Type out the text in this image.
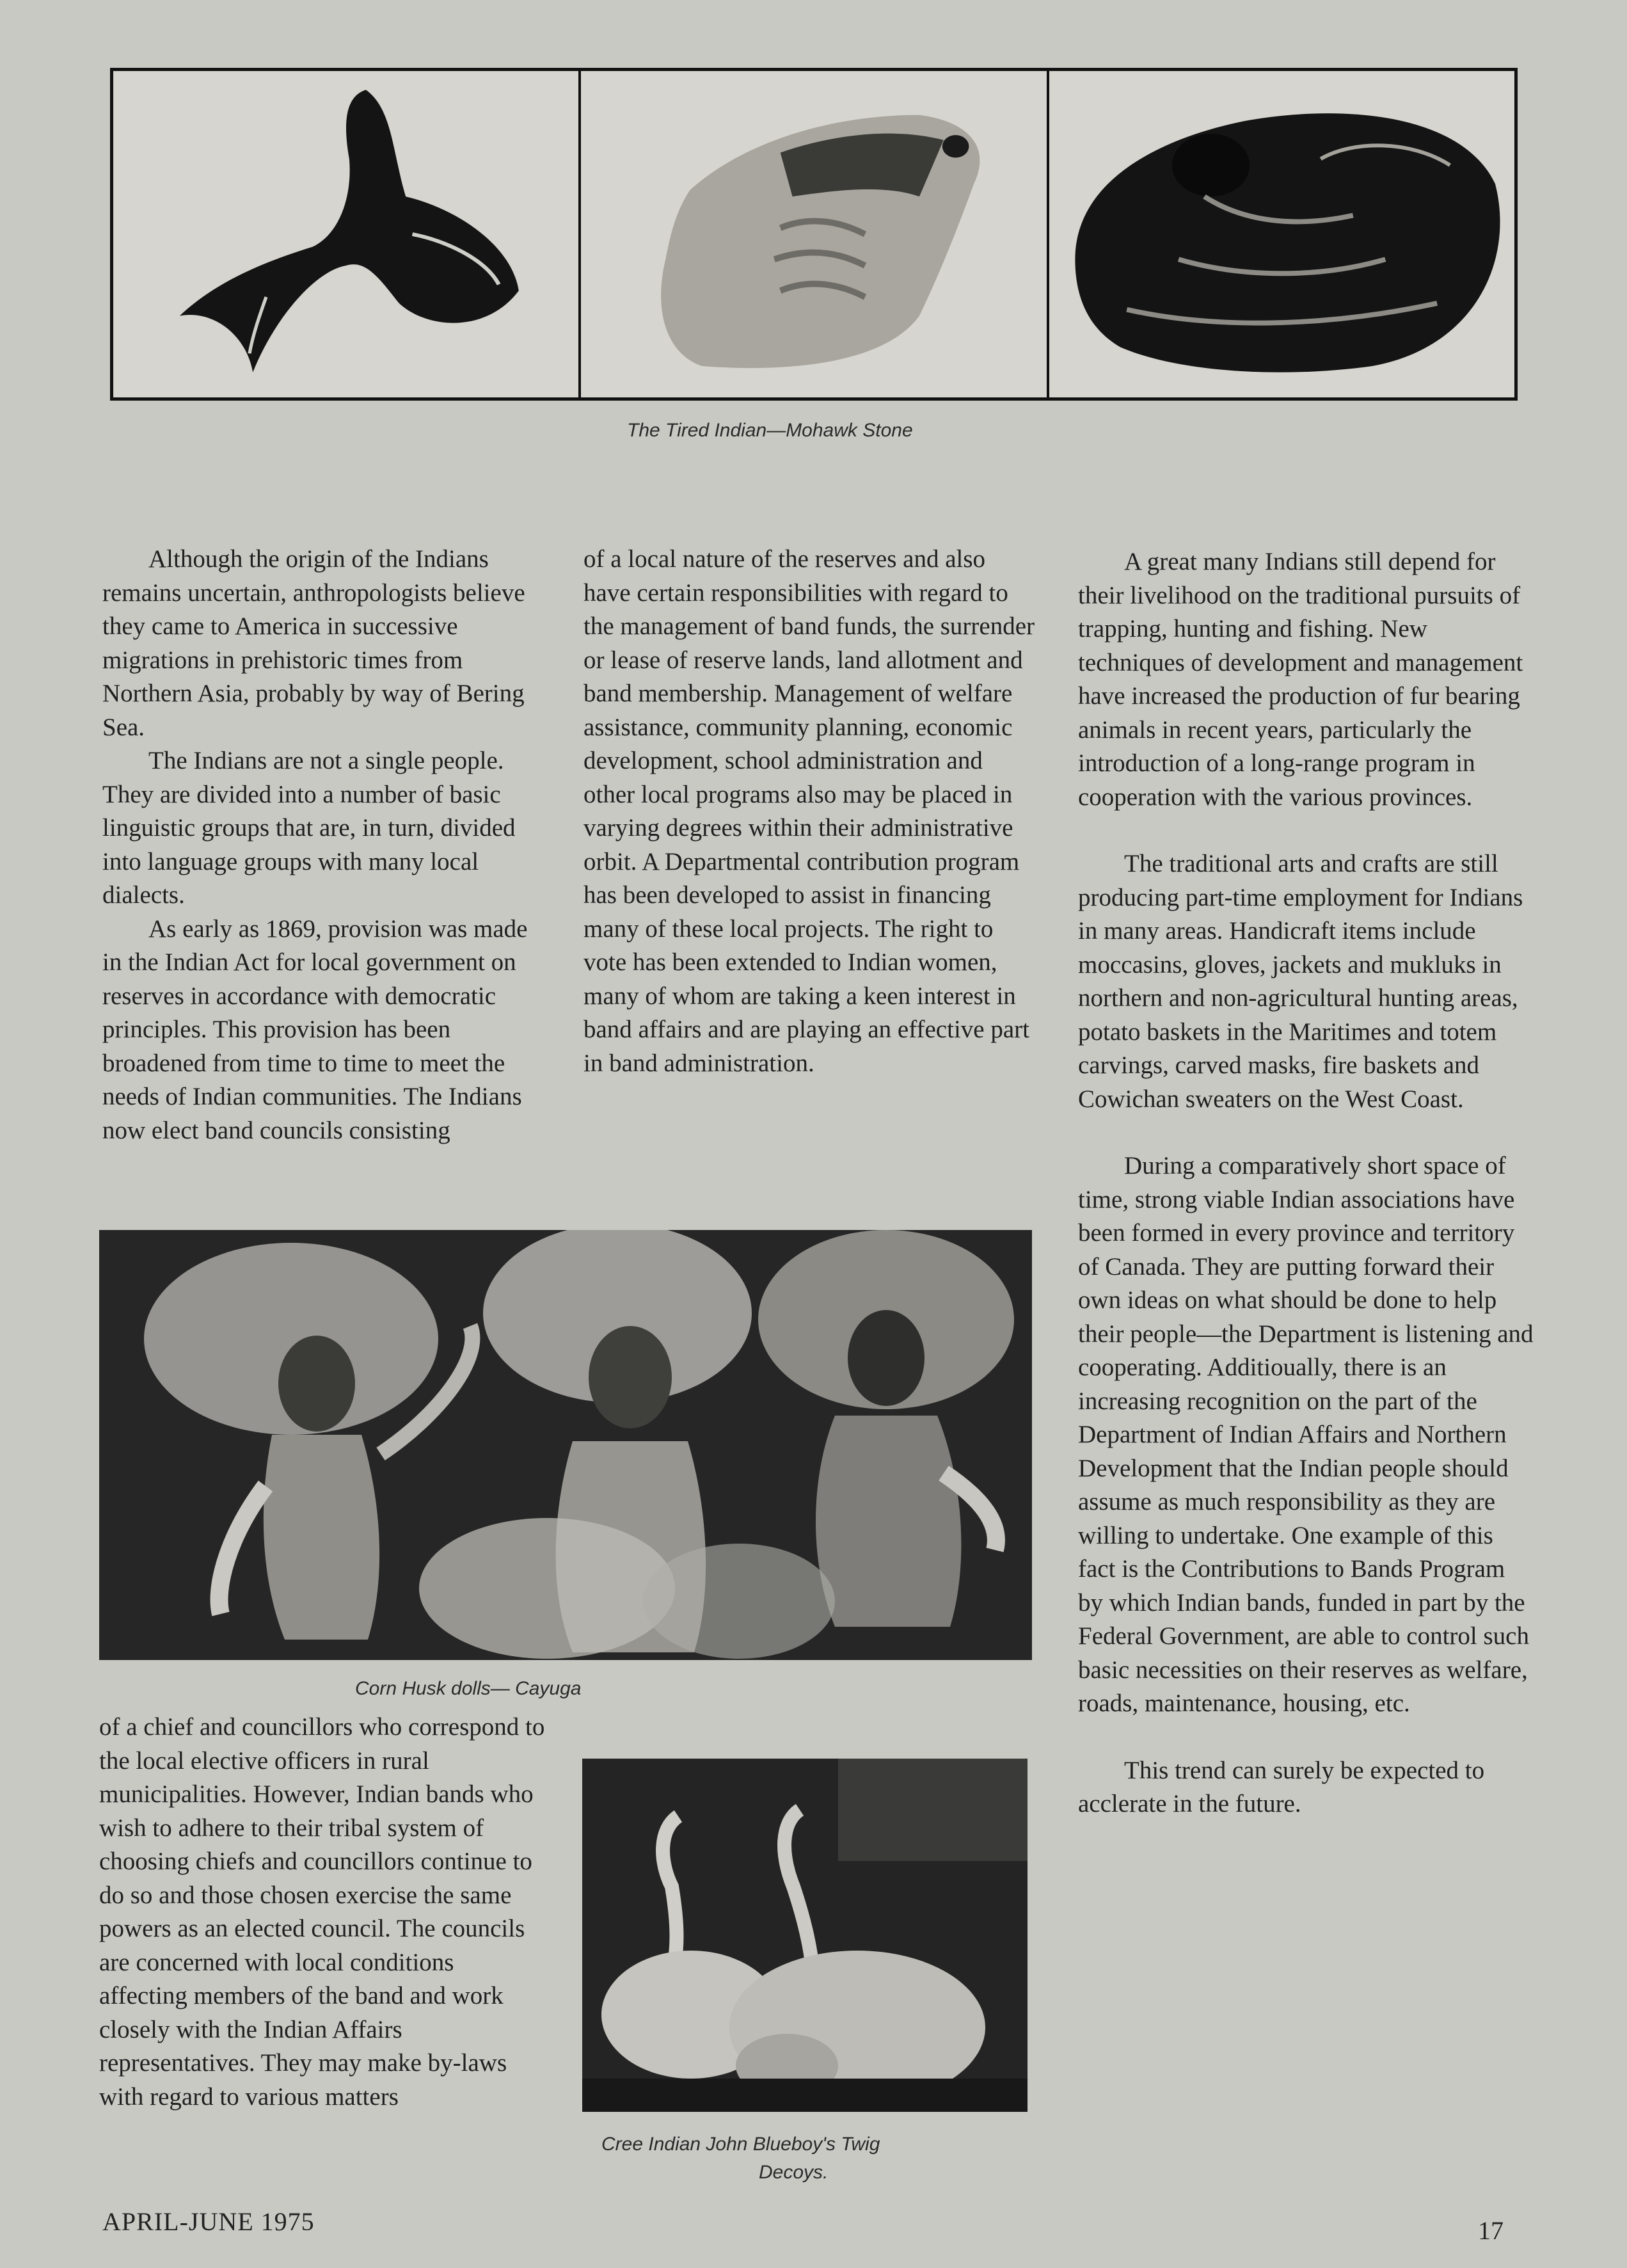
The Tired Indian—Mohawk Stone

Although the origin of the Indians remains uncertain, anthropologists believe they came to America in successive migrations in prehistoric times from Northern Asia, probably by way of Bering Sea.

The Indians are not a single people. They are divided into a number of basic linguistic groups that are, in turn, divided into language groups with many local dialects.

As early as 1869, provision was made in the Indian Act for local government on reserves in accordance with democratic principles. This provision has been broadened from time to time to meet the needs of Indian communities. The Indians now elect band councils consisting

of a local nature of the reserves and also have certain responsibilities with regard to the management of band funds, the surrender or lease of reserve lands, land allotment and band membership. Management of welfare assistance, community planning, economic development, school administration and other local programs also may be placed in varying degrees within their administrative orbit. A Departmental contribution program has been developed to assist in financing many of these local projects. The right to vote has been extended to Indian women, many of whom are taking a keen interest in band affairs and are playing an effective part in band administration.

A great many Indians still depend for their livelihood on the traditional pursuits of trapping, hunting and fishing. New techniques of development and management have increased the production of fur bearing animals in recent years, particularly the introduction of a long-range program in cooperation with the various provinces.

The traditional arts and crafts are still producing part-time employment for Indians in many areas. Handicraft items include moccasins, gloves, jackets and mukluks in northern and non-agricultural hunting areas, potato baskets in the Maritimes and totem carvings, carved masks, fire baskets and Cowichan sweaters on the West Coast.

During a comparatively short space of time, strong viable Indian associations have been formed in every province and territory of Canada. They are putting forward their own ideas on what should be done to help their people—the Department is listening and cooperating. Additioually, there is an increasing recognition on the part of the Department of Indian Affairs and Northern Development that the Indian people should assume as much responsibility as they are willing to undertake. One example of this fact is the Contributions to Bands Program by which Indian bands, funded in part by the Federal Government, are able to control such basic necessities on their reserves as welfare, roads, maintenance, housing, etc.

This trend can surely be expected to acclerate in the future.

Corn Husk dolls— Cayuga

of a chief and councillors who correspond to the local elective officers in rural municipalities. However, Indian bands who wish to adhere to their tribal system of choosing chiefs and councillors continue to do so and those chosen exercise the same powers as an elected council. The councils are concerned with local conditions affecting members of the band and work closely with the Indian Affairs representatives. They may make by-laws with regard to various matters

Cree Indian John Blueboy's Twig
Decoys.
APRIL-JUNE 1975	17
